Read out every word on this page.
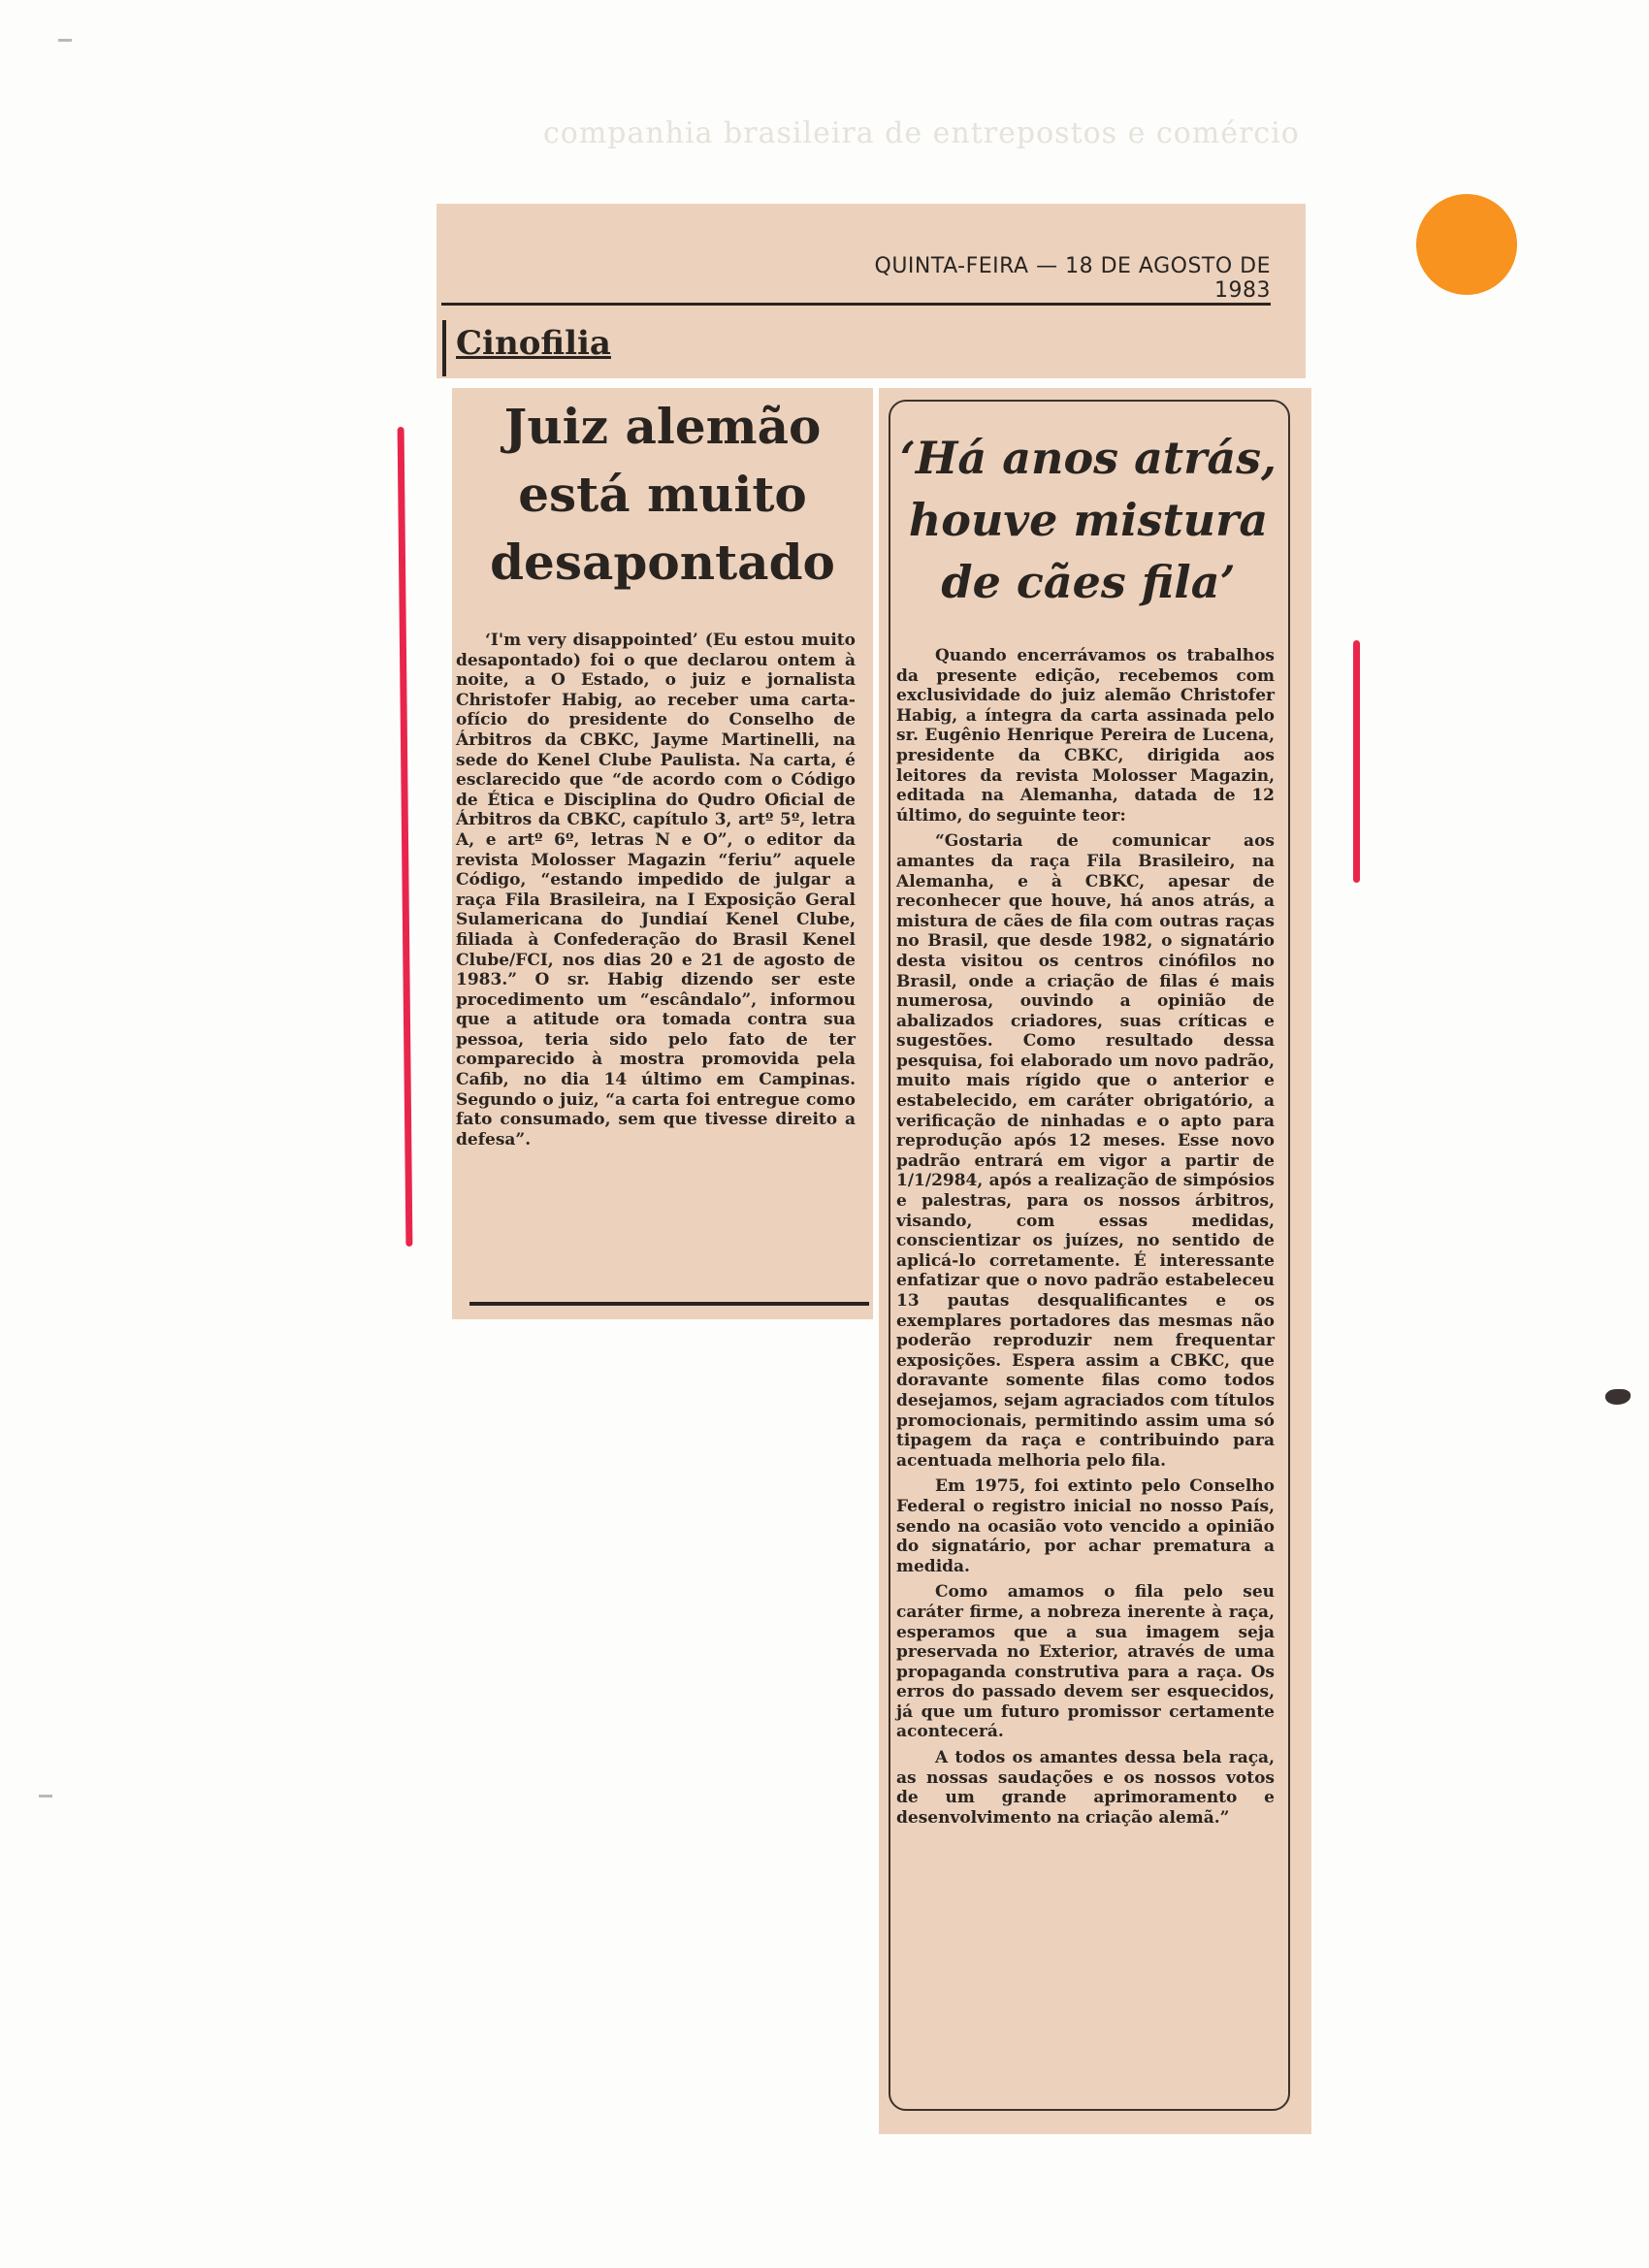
companhia brasileira de entrepostos e comércio
QUINTA-FEIRA — 18 DE AGOSTO DE 1983
Cinofilia
Juiz alemão está muito desapontado
‘I'm very disappointed’ (Eu estou muito desapontado) foi o que declarou ontem à noite, a O Estado, o juiz e jornalista Christofer Habig, ao receber uma carta-ofício do presidente do Conselho de Árbitros da CBKC, Jayme Martinelli, na sede do Kenel Clube Paulista. Na carta, é esclarecido que “de acordo com o Código de Ética e Disciplina do Qudro Oficial de Árbitros da CBKC, capítulo 3, artº 5º, letra A, e artº 6º, letras N e O”, o editor da revista Molosser Magazin “feriu” aquele Código, “estando impedido de julgar a raça Fila Brasileira, na I Exposição Geral Sulamericana do Jundiaí Kenel Clube, filiada à Confederação do Brasil Kenel Clube/FCI, nos dias 20 e 21 de agosto de 1983.” O sr. Habig dizendo ser este procedimento um “escândalo”, informou que a atitude ora tomada contra sua pessoa, teria sido pelo fato de ter comparecido à mostra promovida pela Cafib, no dia 14 último em Campinas. Segundo o juiz, “a carta foi entregue como fato consumado, sem que tivesse direito a defesa”.
‘Há anos atrás, houve mistura de cães fila’

Quando encerrávamos os trabalhos da presente edição, recebemos com exclusividade do juiz alemão Christofer Habig, a íntegra da carta assinada pelo sr. Eugênio Henrique Pereira de Lucena, presidente da CBKC, dirigida aos leitores da revista Molosser Magazin, editada na Alemanha, datada de 12 último, do seguinte teor:

“Gostaria de comunicar aos amantes da raça Fila Brasileiro, na Alemanha, e à CBKC, apesar de reconhecer que houve, há anos atrás, a mistura de cães de fila com outras raças no Brasil, que desde 1982, o signatário desta visitou os centros cinófilos no Brasil, onde a criação de filas é mais numerosa, ouvindo a opinião de abalizados criadores, suas críticas e sugestões. Como resultado dessa pesquisa, foi elaborado um novo padrão, muito mais rígido que o anterior e estabelecido, em caráter obrigatório, a verificação de ninhadas e o apto para reprodução após 12 meses. Esse novo padrão entrará em vigor a partir de 1/1/2984, após a realização de simpósios e palestras, para os nossos árbitros, visando, com essas medidas, conscientizar os juízes, no sentido de aplicá-lo corretamente. É interessante enfatizar que o novo padrão estabeleceu 13 pautas desqualificantes e os exemplares portadores das mesmas não poderão reproduzir nem frequentar exposições. Espera assim a CBKC, que doravante somente filas como todos desejamos, sejam agraciados com títulos promocionais, permitindo assim uma só tipagem da raça e contribuindo para acentuada melhoria pelo fila.

Em 1975, foi extinto pelo Conselho Federal o registro inicial no nosso País, sendo na ocasião voto vencido a opinião do signatário, por achar prematura a medida.

Como amamos o fila pelo seu caráter firme, a nobreza inerente à raça, esperamos que a sua imagem seja preservada no Exterior, através de uma propaganda construtiva para a raça. Os erros do passado devem ser esquecidos, já que um futuro promissor certamente acontecerá.

A todos os amantes dessa bela raça, as nossas saudações e os nossos votos de um grande aprimoramento e desenvolvimento na criação alemã.”
